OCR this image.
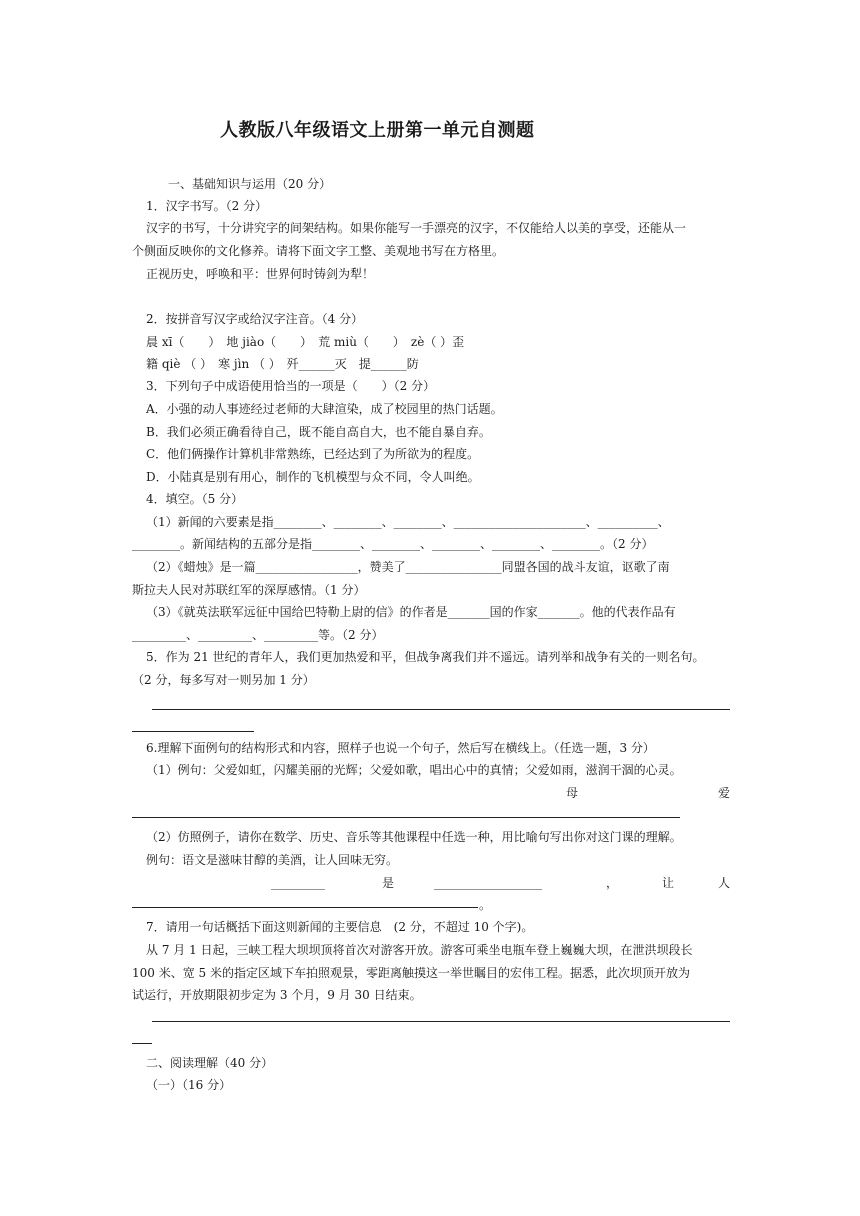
人教版八年级语文上册第一单元自测题
一、基础知识与运用（20 分）
1．汉字书写。（2 分）
汉字的书写，十分讲究字的间架结构。如果你能写一手漂亮的汉字，不仅能给人以美的享受，还能从一
个侧面反映你的文化修养。请将下面文字工整、美观地书写在方格里。
正视历史，呼唤和平：世界何时铸剑为犁！
2．按拼音写汉字或给汉字注音。（4 分）
晨 xī（　　）　地 jiào（　　）　荒 miù（　　）　zè（ ）歪
籍 qiè （ ）　寒 jìn （ ）　歼______灭　提______防
3．下列句子中成语使用恰当的一项是（　　）（2 分）
A．小强的动人事迹经过老师的大肆渲染，成了校园里的热门话题。
B．我们必须正确看待自己，既不能自高自大，也不能自暴自弃。
C．他们俩操作计算机非常熟练，已经达到了为所欲为的程度。
D．小陆真是别有用心，制作的飞机模型与众不同，令人叫绝。
4．填空。（5 分）
（1）新闻的六要素是指________、________、________、______________________、__________、
________。新闻结构的五部分是指________、________、________、________、________。（2 分）
（2）《蜡烛》是一篇_________________，赞美了________________同盟各国的战斗友谊，讴歌了南
斯拉夫人民对苏联红军的深厚感情。（1 分）
（3）《就英法联军远征中国给巴特勒上尉的信》的作者是_______国的作家_______。他的代表作品有
_________、_________、_________等。（2 分）
5．作为 21 世纪的青年人，我们更加热爱和平，但战争离我们并不遥远。请列举和战争有关的一则名句。
（2 分，每多写对一则另加 1 分）
6.理解下面例句的结构形式和内容，照样子也说一个句子，然后写在横线上。（任选一题，3 分）
（1）例句：父爱如虹，闪耀美丽的光辉；父爱如歌，唱出心中的真情；父爱如雨，滋润干涸的心灵。
母	爱
（2）仿照例子，请你在数学、历史、音乐等其他课程中任选一种，用比喻句写出你对这门课的理解。
例句：语文是滋味甘醇的美酒，让人回味无穷。
_________	是	__________________	，	让	人
。
7．请用一句话概括下面这则新闻的主要信息　(2 分，不超过 10 个字)。
从 7 月 1 日起，三峡工程大坝坝顶将首次对游客开放。游客可乘坐电瓶车登上巍巍大坝，在泄洪坝段长
100 米、宽 5 米的指定区域下车拍照观景，零距离触摸这一举世瞩目的宏伟工程。据悉，此次坝顶开放为
试运行，开放期限初步定为 3 个月，9 月 30 日结束。
二、阅读理解（40 分）
（一）（16 分）
